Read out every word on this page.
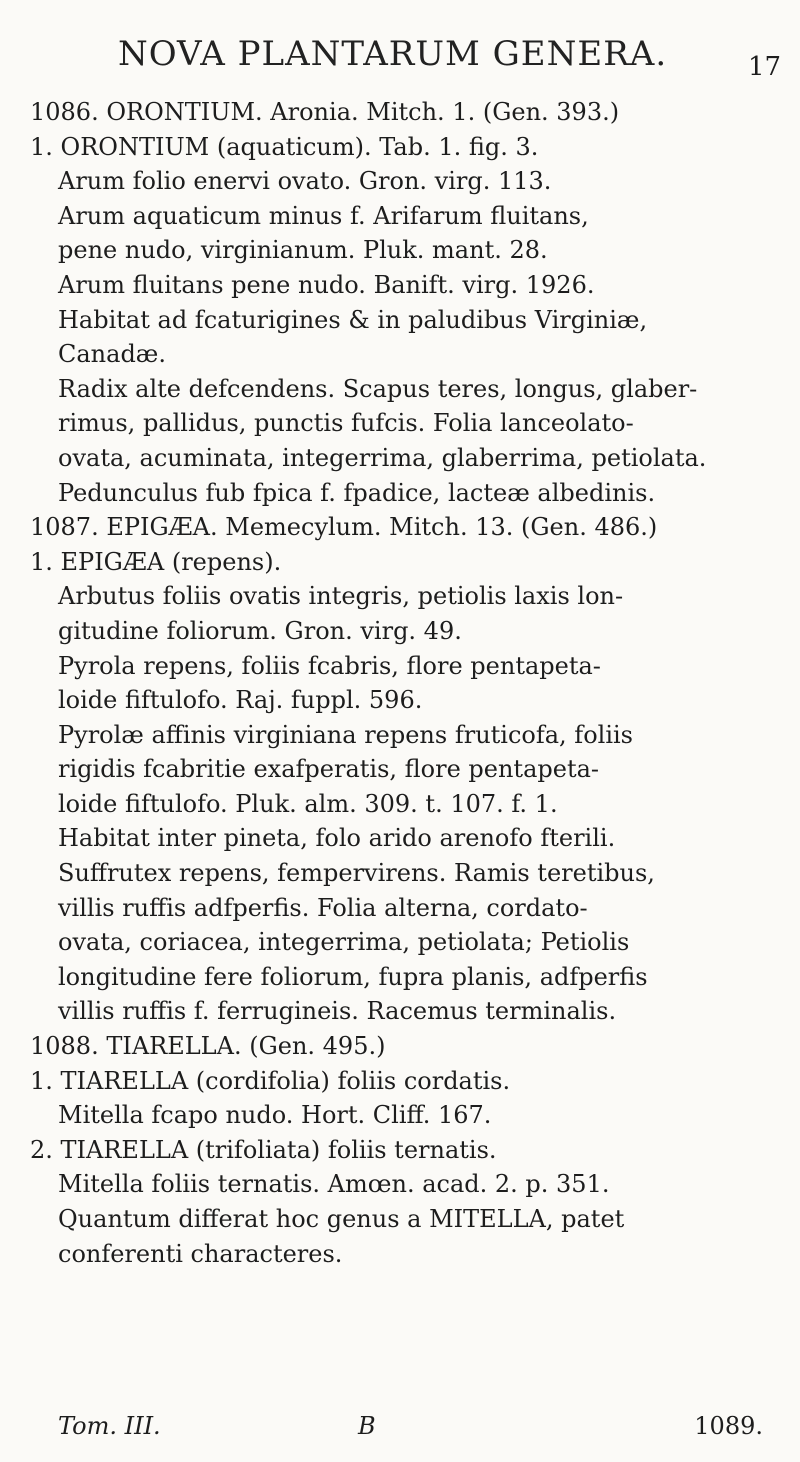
NOVA PLANTARUM GENERA.	17
1086. ORONTIUM. Aronia. Mitch. 1. (Gen. 393.)
1. ORONTIUM (aquaticum). Tab. 1. fig. 3.
Arum folio enervi ovato. Gron. virg. 113.
Arum aquaticum minus f. Arifarum fluitans,
pene nudo, virginianum. Pluk. mant. 28.
Arum fluitans pene nudo. Banift. virg. 1926.
Habitat ad fcaturigines & in paludibus Virginiæ,
Canadæ.
Radix alte defcendens. Scapus teres, longus, glaber-
rimus, pallidus, punctis fufcis. Folia lanceolato-
ovata, acuminata, integerrima, glaberrima, petiolata.
Pedunculus fub fpica f. fpadice, lacteæ albedinis.
1087. EPIGÆA. Memecylum. Mitch. 13. (Gen. 486.)
1. EPIGÆA (repens).
Arbutus foliis ovatis integris, petiolis laxis lon-
gitudine foliorum. Gron. virg. 49.
Pyrola repens, foliis fcabris, flore pentapeta-
loide fiftulofo. Raj. fuppl. 596.
Pyrolæ affinis virginiana repens fruticofa, foliis
rigidis fcabritie exafperatis, flore pentapeta-
loide fiftulofo. Pluk. alm. 309. t. 107. f. 1.
Habitat inter pineta, folo arido arenofo fterili.
Suffrutex repens, fempervirens. Ramis teretibus,
villis ruffis adfperfis. Folia alterna, cordato-
ovata, coriacea, integerrima, petiolata; Petiolis
longitudine fere foliorum, fupra planis, adfperfis
villis ruffis f. ferrugineis. Racemus terminalis.
1088. TIARELLA. (Gen. 495.)
1. TIARELLA (cordifolia) foliis cordatis.
Mitella fcapo nudo. Hort. Cliff. 167.
2. TIARELLA (trifoliata) foliis ternatis.
Mitella foliis ternatis. Amœn. acad. 2. p. 351.
Quantum differat hoc genus a MITELLA, patet
conferenti characteres.
Tom. III.	B	1089.
